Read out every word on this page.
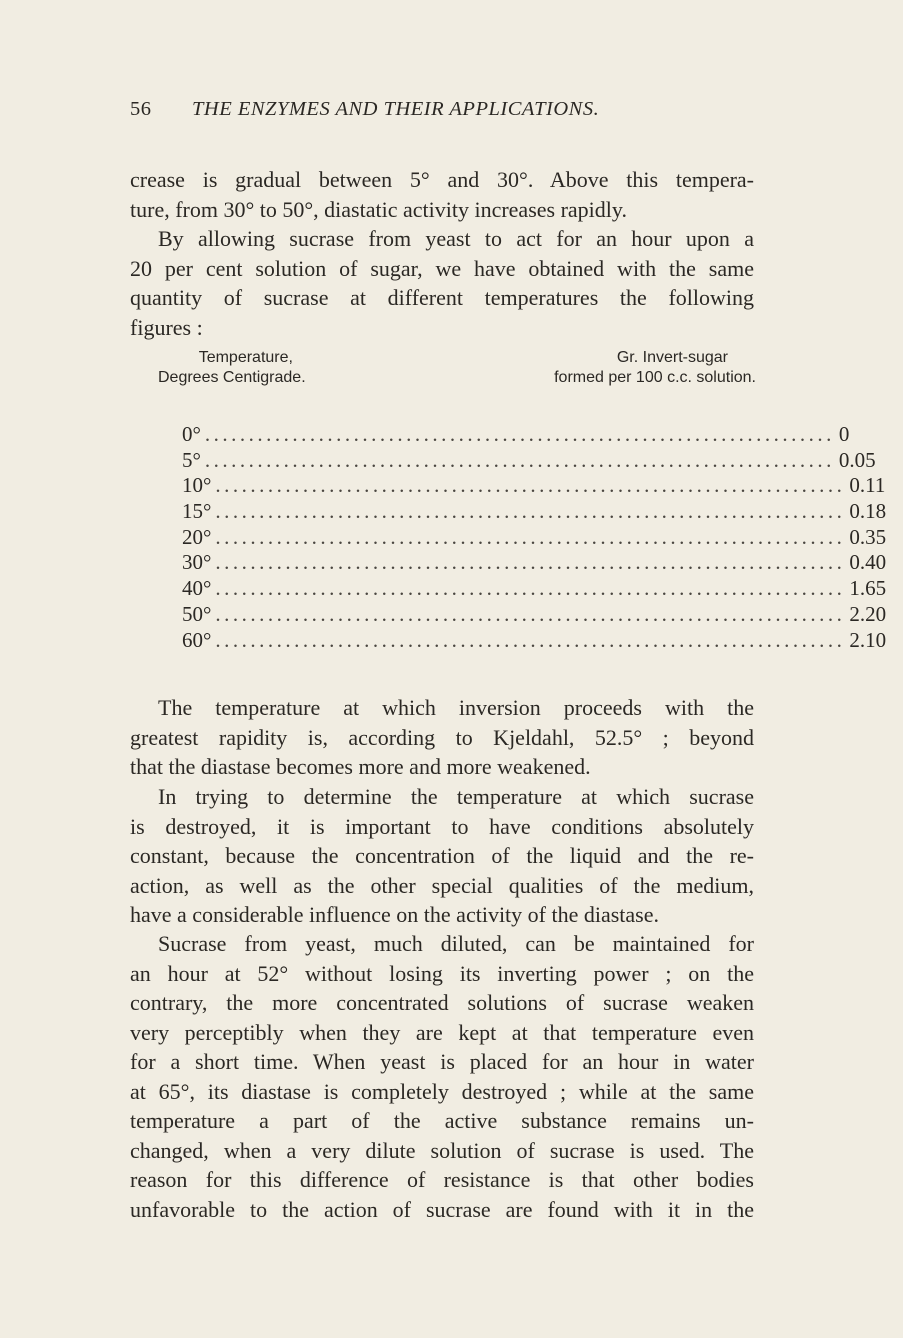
56 THE ENZYMES AND THEIR APPLICATIONS.
crease is gradual between 5° and 30°. Above this tempera-
ture, from 30° to 50°, diastatic activity increases rapidly.
By allowing sucrase from yeast to act for an hour upon a
20 per cent solution of sugar, we have obtained with the same
quantity of sucrase at different temperatures the following
figures :
Temperature,
Degrees Centigrade.
Gr. Invert-sugar
formed per 100 c.c. solution.
0° ........................................................................ 0
5° ........................................................................ 0.05
10° ........................................................................ 0.11
15° ........................................................................ 0.18
20° ........................................................................ 0.35
30° ........................................................................ 0.40
40° ........................................................................ 1.65
50° ........................................................................ 2.20
60° ........................................................................ 2.10
The temperature at which inversion proceeds with the
greatest rapidity is, according to Kjeldahl, 52.5° ; beyond
that the diastase becomes more and more weakened.
In trying to determine the temperature at which sucrase
is destroyed, it is important to have conditions absolutely
constant, because the concentration of the liquid and the re-
action, as well as the other special qualities of the medium,
have a considerable influence on the activity of the diastase.
Sucrase from yeast, much diluted, can be maintained for
an hour at 52° without losing its inverting power ; on the
contrary, the more concentrated solutions of sucrase weaken
very perceptibly when they are kept at that temperature even
for a short time. When yeast is placed for an hour in water
at 65°, its diastase is completely destroyed ; while at the same
temperature a part of the active substance remains un-
changed, when a very dilute solution of sucrase is used. The
reason for this difference of resistance is that other bodies
unfavorable to the action of sucrase are found with it in the
